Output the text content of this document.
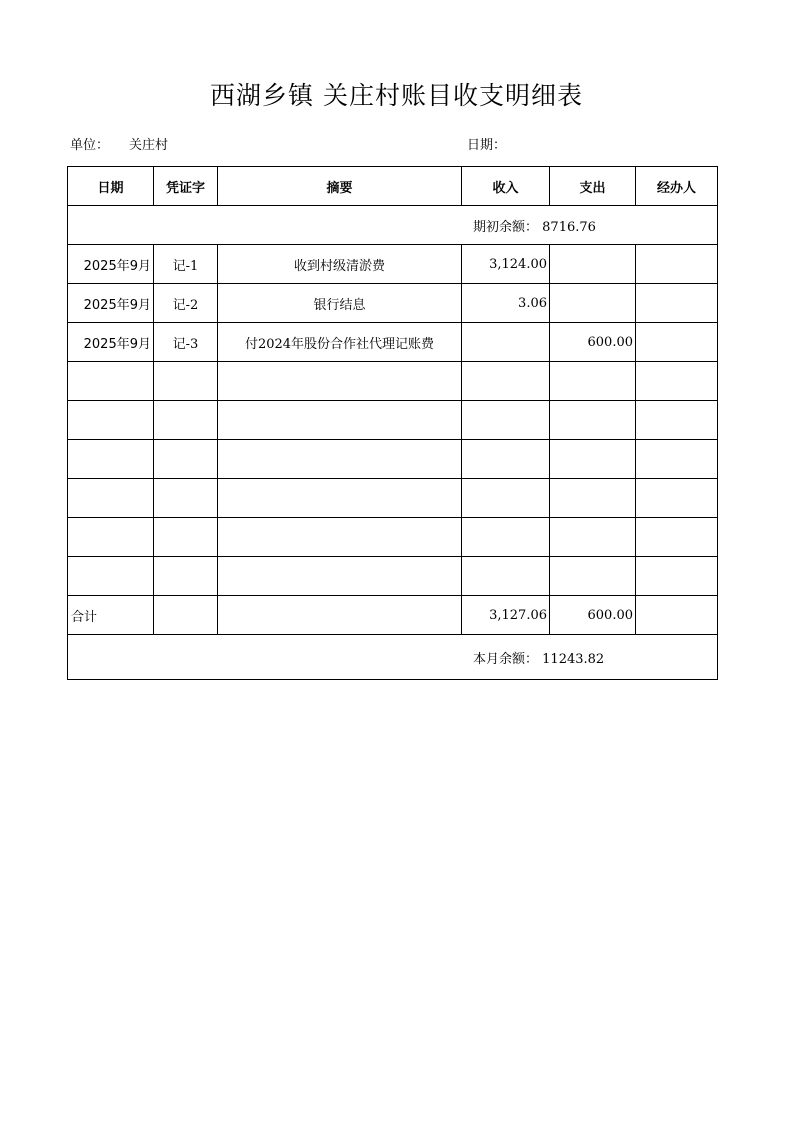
西湖乡镇 关庄村账目收支明细表
单位： 关庄村	日期：
日期	凭证字	摘要	收入	支出	经办人
期初余额： 8716.76					
2025年9月	记-1	收到村级清淤费	3,124.00		
2025年9月	记-2	银行结息	3.06		
2025年9月	记-3	付2024年股份合作社代理记账费		600.00	

合计			3,127.06	600.00	
本月余额： 11243.82					
